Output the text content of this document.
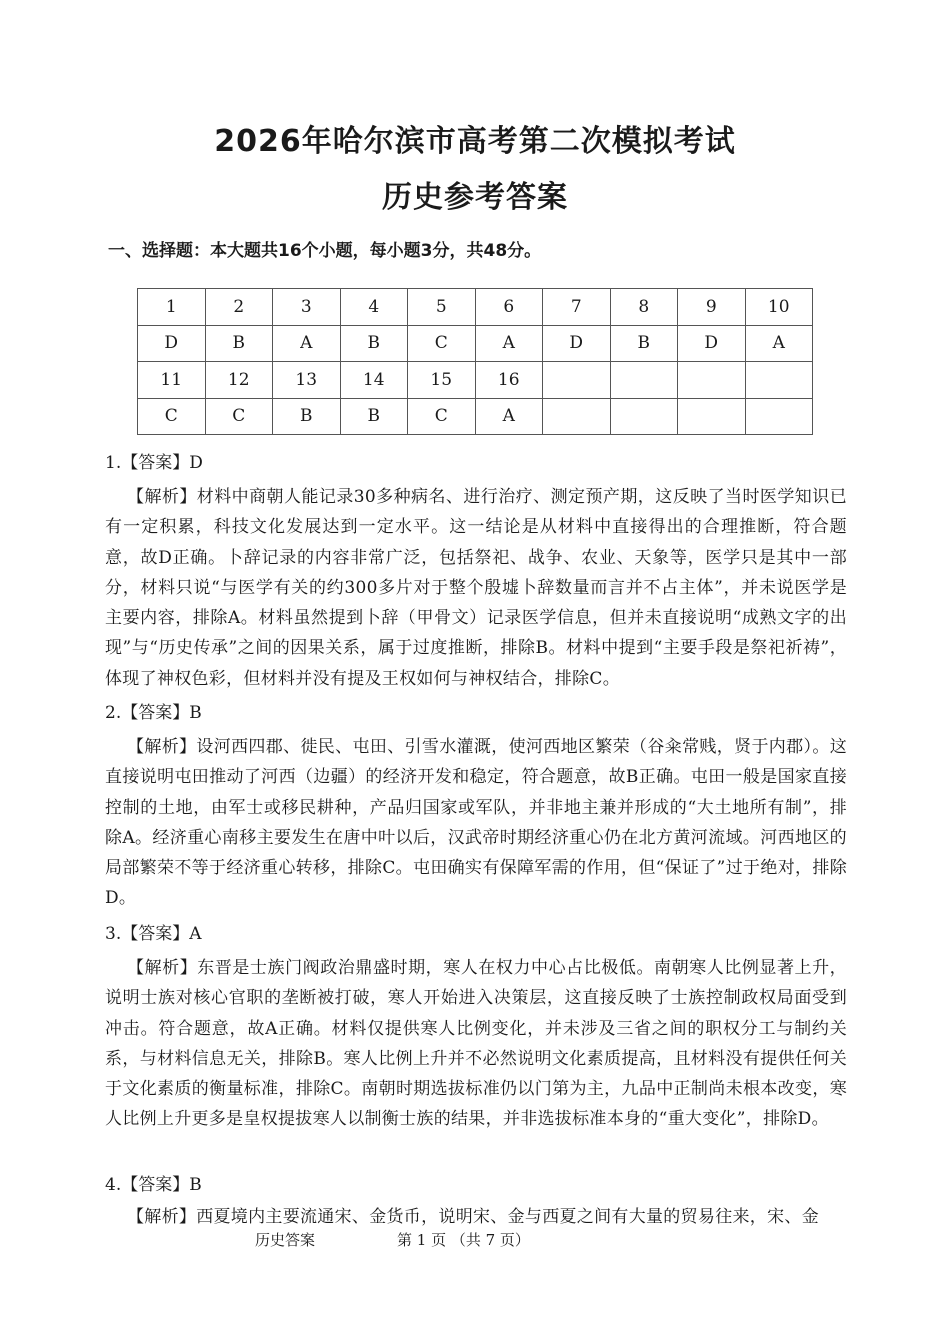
2026年哈尔滨市高考第二次模拟考试
历史参考答案
一、选择题：本大题共16个小题，每小题3分，共48分。
1	2	3	4	5	6	7	8	9	10
D	B	A	B	C	A	D	B	D	A
11	12	13	14	15	16				
C	C	B	B	C	A				
1.【答案】D
【解析】材料中商朝人能记录30多种病名、进行治疗、测定预产期，这反映了当时医学知识已有一定积累，科技文化发展达到一定水平。这一结论是从材料中直接得出的合理推断，符合题意，故D正确。卜辞记录的内容非常广泛，包括祭祀、战争、农业、天象等，医学只是其中一部分，材料只说“与医学有关的约300多片对于整个殷墟卜辞数量而言并不占主体”，并未说医学是主要内容，排除A。材料虽然提到卜辞（甲骨文）记录医学信息，但并未直接说明“成熟文字的出现”与“历史传承”之间的因果关系，属于过度推断，排除B。材料中提到“主要手段是祭祀祈祷”，体现了神权色彩，但材料并没有提及王权如何与神权结合，排除C。
2.【答案】B
【解析】设河西四郡、徙民、屯田、引雪水灌溉，使河西地区繁荣（谷籴常贱，贤于内郡）。这直接说明屯田推动了河西（边疆）的经济开发和稳定，符合题意，故B正确。屯田一般是国家直接控制的土地，由军士或移民耕种，产品归国家或军队，并非地主兼并形成的“大土地所有制”，排除A。经济重心南移主要发生在唐中叶以后，汉武帝时期经济重心仍在北方黄河流域。河西地区的局部繁荣不等于经济重心转移，排除C。屯田确实有保障军需的作用，但“保证了”过于绝对，排除D。
3.【答案】A
【解析】东晋是士族门阀政治鼎盛时期，寒人在权力中心占比极低。南朝寒人比例显著上升，说明士族对核心官职的垄断被打破，寒人开始进入决策层，这直接反映了士族控制政权局面受到冲击。符合题意，故A正确。材料仅提供寒人比例变化，并未涉及三省之间的职权分工与制约关系，与材料信息无关，排除B。寒人比例上升并不必然说明文化素质提高，且材料没有提供任何关于文化素质的衡量标准，排除C。南朝时期选拔标准仍以门第为主，九品中正制尚未根本改变，寒人比例上升更多是皇权提拔寒人以制衡士族的结果，并非选拔标准本身的“重大变化”，排除D。
4.【答案】B
【解析】西夏境内主要流通宋、金货币，说明宋、金与西夏之间有大量的贸易往来，宋、金
历史答案	第 1 页 （共 7 页）
